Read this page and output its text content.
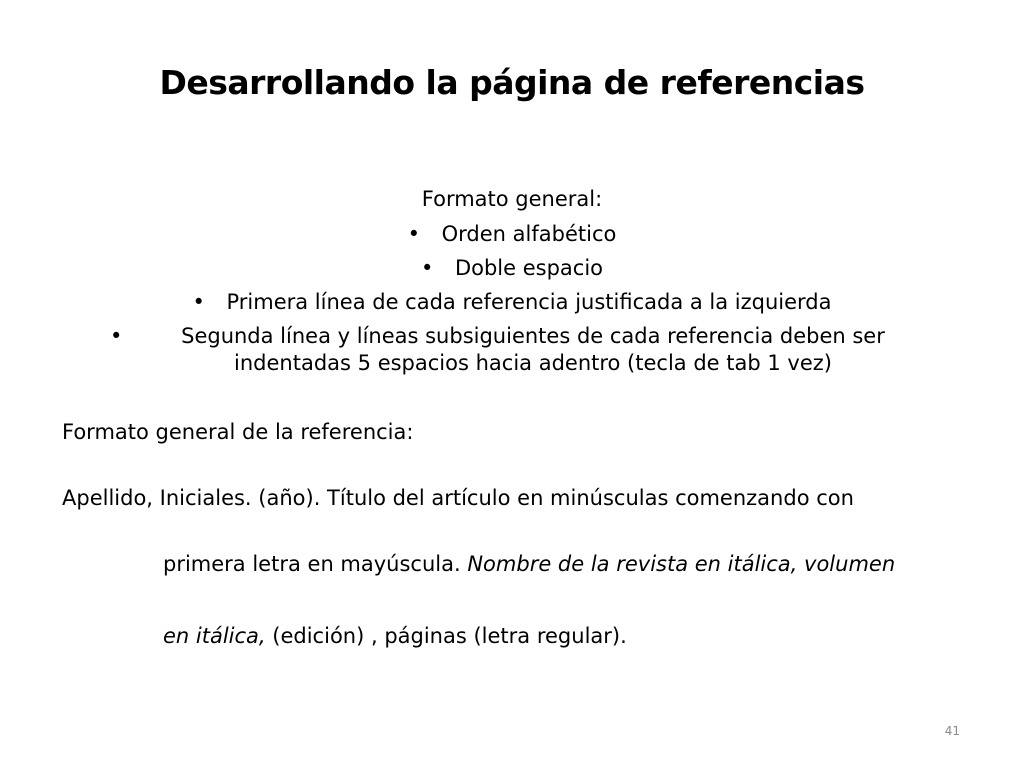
Desarrollando la página de referencias
Formato general:
• Orden alfabético
• Doble espacio
• Primera línea de cada referencia justificada a la izquierda
•	Segunda línea y líneas subsiguientes de cada referencia deben ser indentadas 5 espacios hacia adentro (tecla de tab 1 vez)
Formato general de la referencia:
Apellido, Iniciales. (año). Título del artículo en minúsculas comenzando con
primera letra en mayúscula. Nombre de la revista en itálica, volumen
en itálica, (edición) , páginas (letra regular).
41
